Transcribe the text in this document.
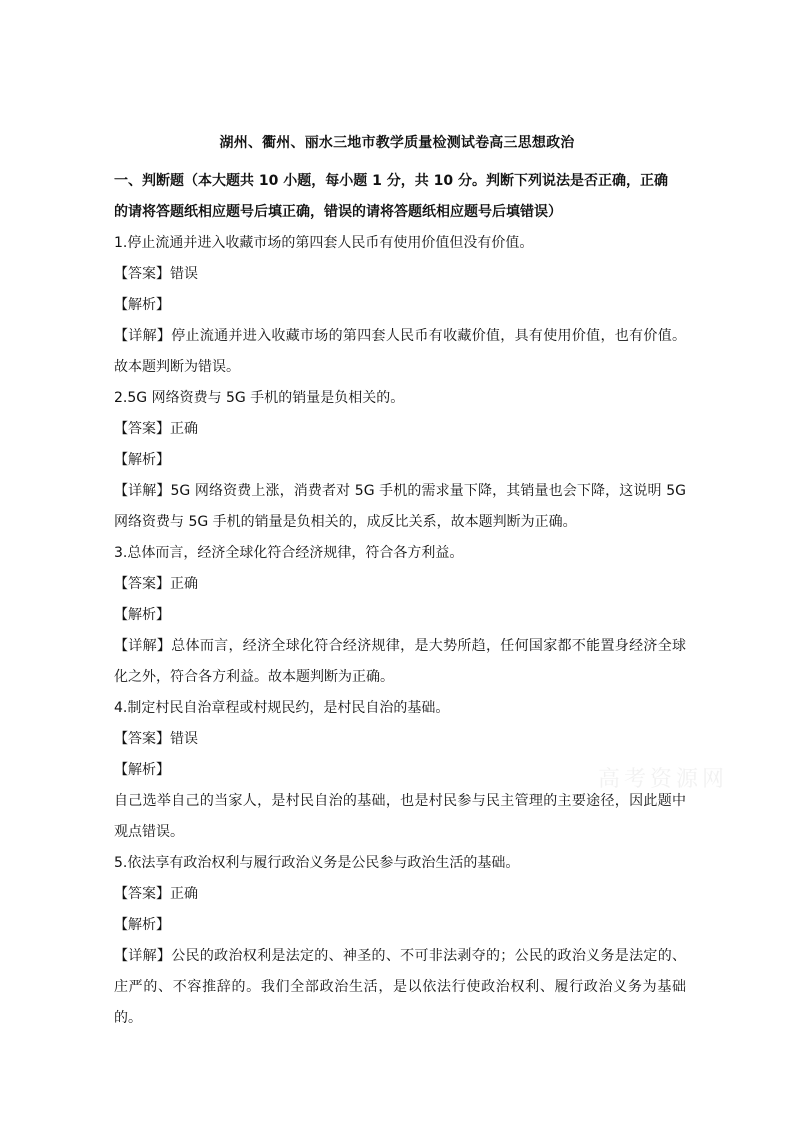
湖州、衢州、丽水三地市教学质量检测试卷高三思想政治
一、判断题（本大题共 10 小题，每小题 1 分，共 10 分。判断下列说法是否正确，正确
的请将答题纸相应题号后填正确，错误的请将答题纸相应题号后填错误）
1.停止流通并进入收藏市场的第四套人民币有使用价值但没有价值。
【答案】错误
【解析】
【详解】停止流通并进入收藏市场的第四套人民币有收藏价值，具有使用价值，也有价值。故本题判断为错误。
2.5G 网络资费与 5G 手机的销量是负相关的。
【答案】正确
【解析】
【详解】5G 网络资费上涨，消费者对 5G 手机的需求量下降，其销量也会下降，这说明 5G 网络资费与 5G 手机的销量是负相关的，成反比关系，故本题判断为正确。
3.总体而言，经济全球化符合经济规律，符合各方利益。
【答案】正确
【解析】
【详解】总体而言，经济全球化符合经济规律，是大势所趋，任何国家都不能置身经济全球化之外，符合各方利益。故本题判断为正确。
4.制定村民自治章程或村规民约，是村民自治的基础。
【答案】错误
【解析】
自己选举自己的当家人，是村民自治的基础，也是村民参与民主管理的主要途径，因此题中观点错误。
5.依法享有政治权利与履行政治义务是公民参与政治生活的基础。
【答案】正确
【解析】
【详解】公民的政治权利是法定的、神圣的、不可非法剥夺的；公民的政治义务是法定的、庄严的、不容推辞的。我们全部政治生活，是以依法行使政治权利、履行政治义务为基础的。
高考资源网
